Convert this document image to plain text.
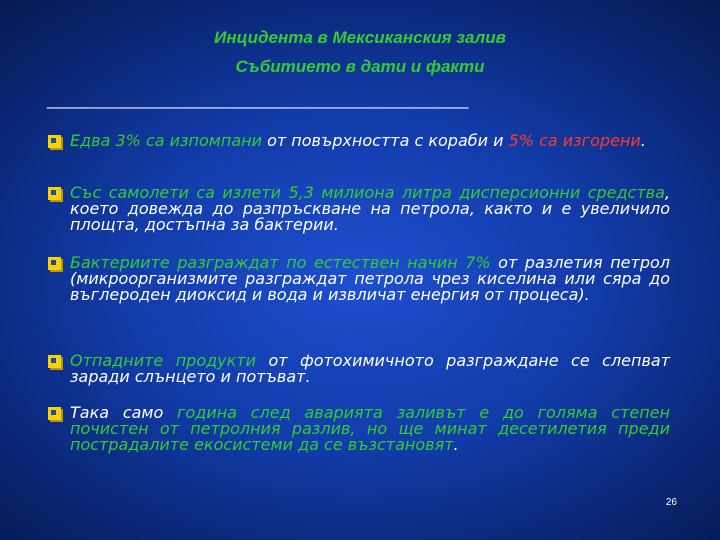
Инцидента в Мексиканския залив
Събитието в дати и факти
______________________________________________
Едва 3% са изпомпани от повърхността с кораби и 5% са изгорени.
Със самолети са излети 5,3 милиона литра дисперсионни средства, което довежда до разпръскване на петрола, както и е увеличило площта, достъпна за бактерии.
Бактериите разграждат по естествен начин 7% от разлетия петрол (микроорганизмите разграждат петрола чрез киселина или сяра до въглероден диоксид и вода и извличат енергия от процеса).
Отпадните продукти от фотохимичното разграждане се слепват заради слънцето и потъват.
Така само година след аварията заливът е до голяма степен почистен от петролния разлив, но ще минат десетилетия преди пострадалите екосистеми да се възстановят.
26
